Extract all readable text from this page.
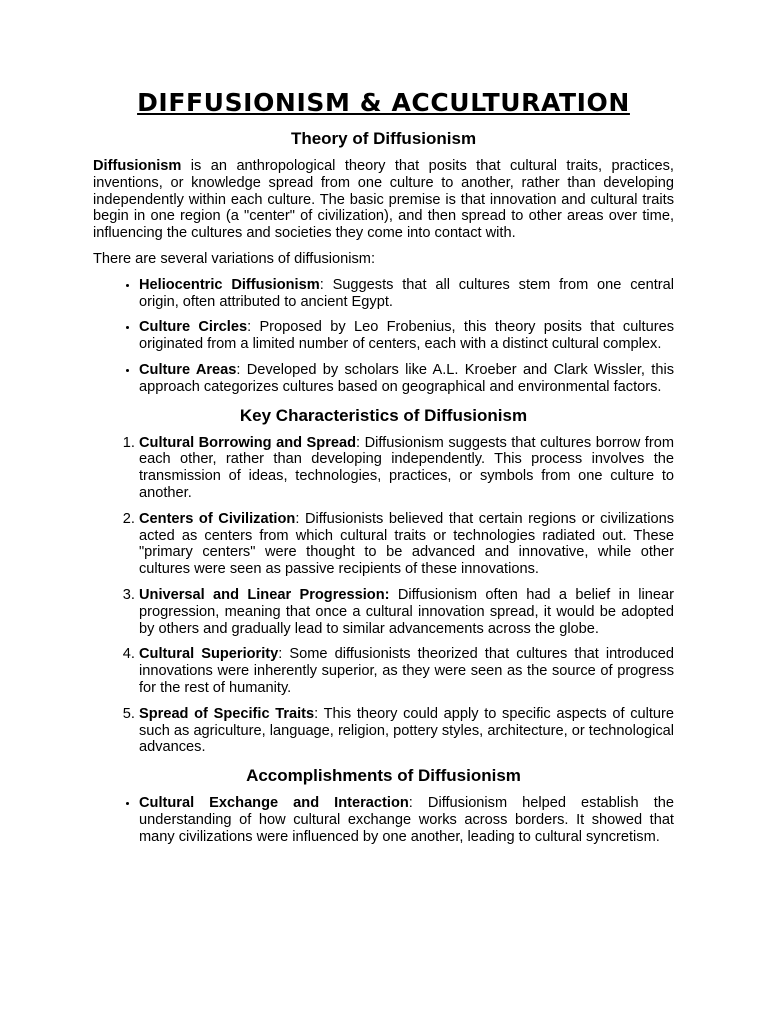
DIFFUSIONISM & ACCULTURATION
Theory of Diffusionism

Diffusionism is an anthropological theory that posits that cultural traits, practices, inventions, or knowledge spread from one culture to another, rather than developing independently within each culture. The basic premise is that innovation and cultural traits begin in one region (a "center" of civilization), and then spread to other areas over time, influencing the cultures and societies they come into contact with.

There are several variations of diffusionism:

• Heliocentric Diffusionism: Suggests that all cultures stem from one central origin, often attributed to ancient Egypt.
• Culture Circles: Proposed by Leo Frobenius, this theory posits that cultures originated from a limited number of centers, each with a distinct cultural complex.
• Culture Areas: Developed by scholars like A.L. Kroeber and Clark Wissler, this approach categorizes cultures based on geographical and environmental factors.
Key Characteristics of Diffusionism
1. Cultural Borrowing and Spread: Diffusionism suggests that cultures borrow from each other, rather than developing independently. This process involves the transmission of ideas, technologies, practices, or symbols from one culture to another.
2. Centers of Civilization: Diffusionists believed that certain regions or civilizations acted as centers from which cultural traits or technologies radiated out. These "primary centers" were thought to be advanced and innovative, while other cultures were seen as passive recipients of these innovations.
3. Universal and Linear Progression: Diffusionism often had a belief in linear progression, meaning that once a cultural innovation spread, it would be adopted by others and gradually lead to similar advancements across the globe.
4. Cultural Superiority: Some diffusionists theorized that cultures that introduced innovations were inherently superior, as they were seen as the source of progress for the rest of humanity.
5. Spread of Specific Traits: This theory could apply to specific aspects of culture such as agriculture, language, religion, pottery styles, architecture, or technological advances.
Accomplishments of Diffusionism
• Cultural Exchange and Interaction: Diffusionism helped establish the understanding of how cultural exchange works across borders. It showed that many civilizations were influenced by one another, leading to cultural syncretism.
